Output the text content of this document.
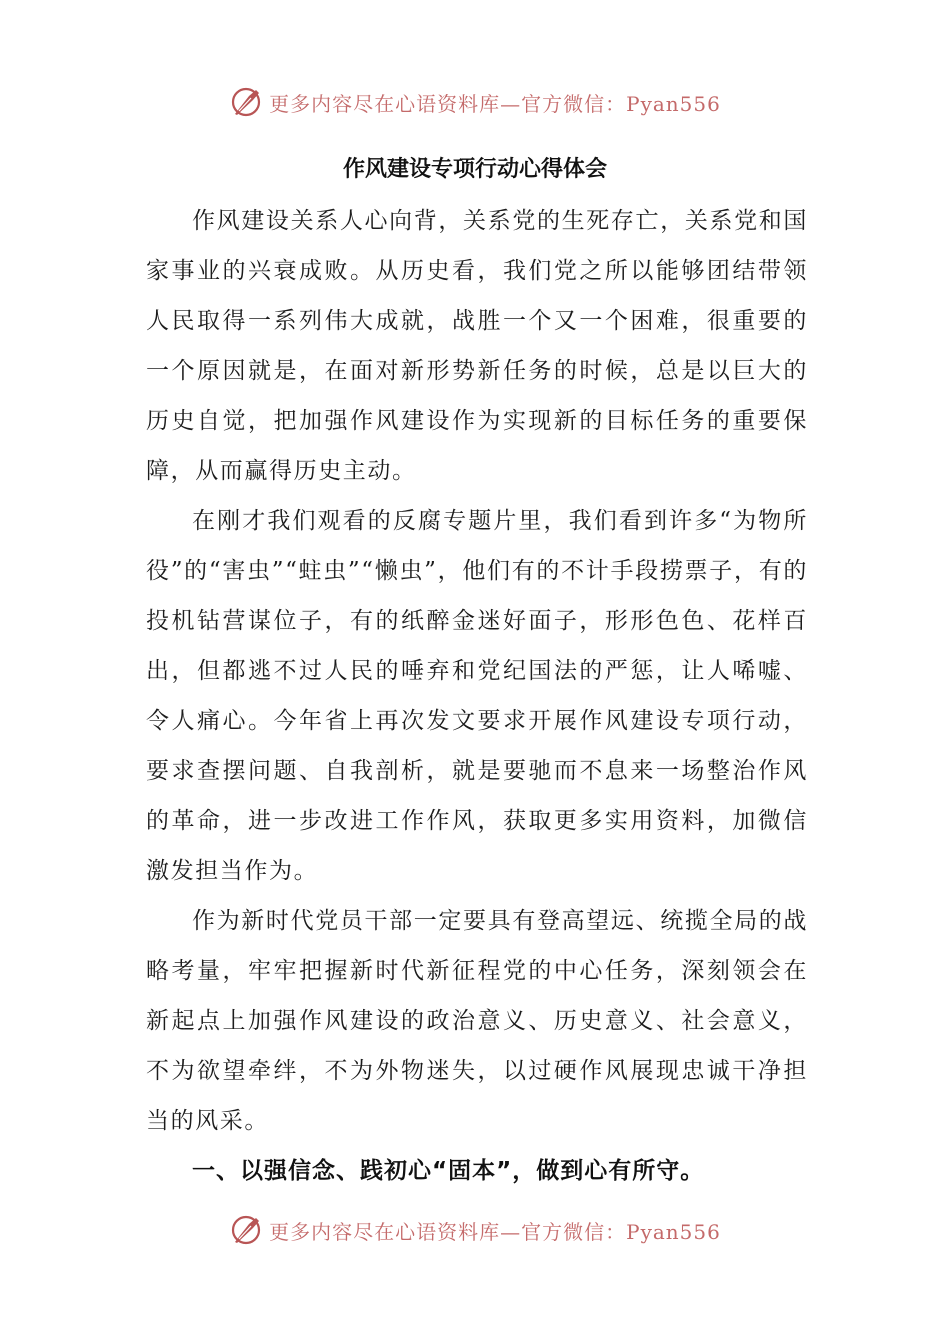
更多内容尽在心语资料库—官方微信：Pyan556
作风建设专项行动心得体会

作风建设关系人心向背，关系党的生死存亡，关系党和国家事业的兴衰成败。从历史看，我们党之所以能够团结带领人民取得一系列伟大成就，战胜一个又一个困难，很重要的一个原因就是，在面对新形势新任务的时候，总是以巨大的历史自觉，把加强作风建设作为实现新的目标任务的重要保障，从而赢得历史主动。

在刚才我们观看的反腐专题片里，我们看到许多“为物所役”的“害虫”“蛀虫”“懒虫”，他们有的不计手段捞票子，有的投机钻营谋位子，有的纸醉金迷好面子，形形色色、花样百出，但都逃不过人民的唾弃和党纪国法的严惩，让人唏嘘、令人痛心。今年省上再次发文要求开展作风建设专项行动，要求查摆问题、自我剖析，就是要驰而不息来一场整治作风的革命，进一步改进工作作风，获取更多实用资料，加微信激发担当作为。

作为新时代党员干部一定要具有登高望远、统揽全局的战略考量，牢牢把握新时代新征程党的中心任务，深刻领会在新起点上加强作风建设的政治意义、历史意义、社会意义，不为欲望牵绊，不为外物迷失，以过硬作风展现忠诚干净担当的风采。

一、以强信念、践初心“固本”，做到心有所守。

更多内容尽在心语资料库—官方微信：Pyan556
